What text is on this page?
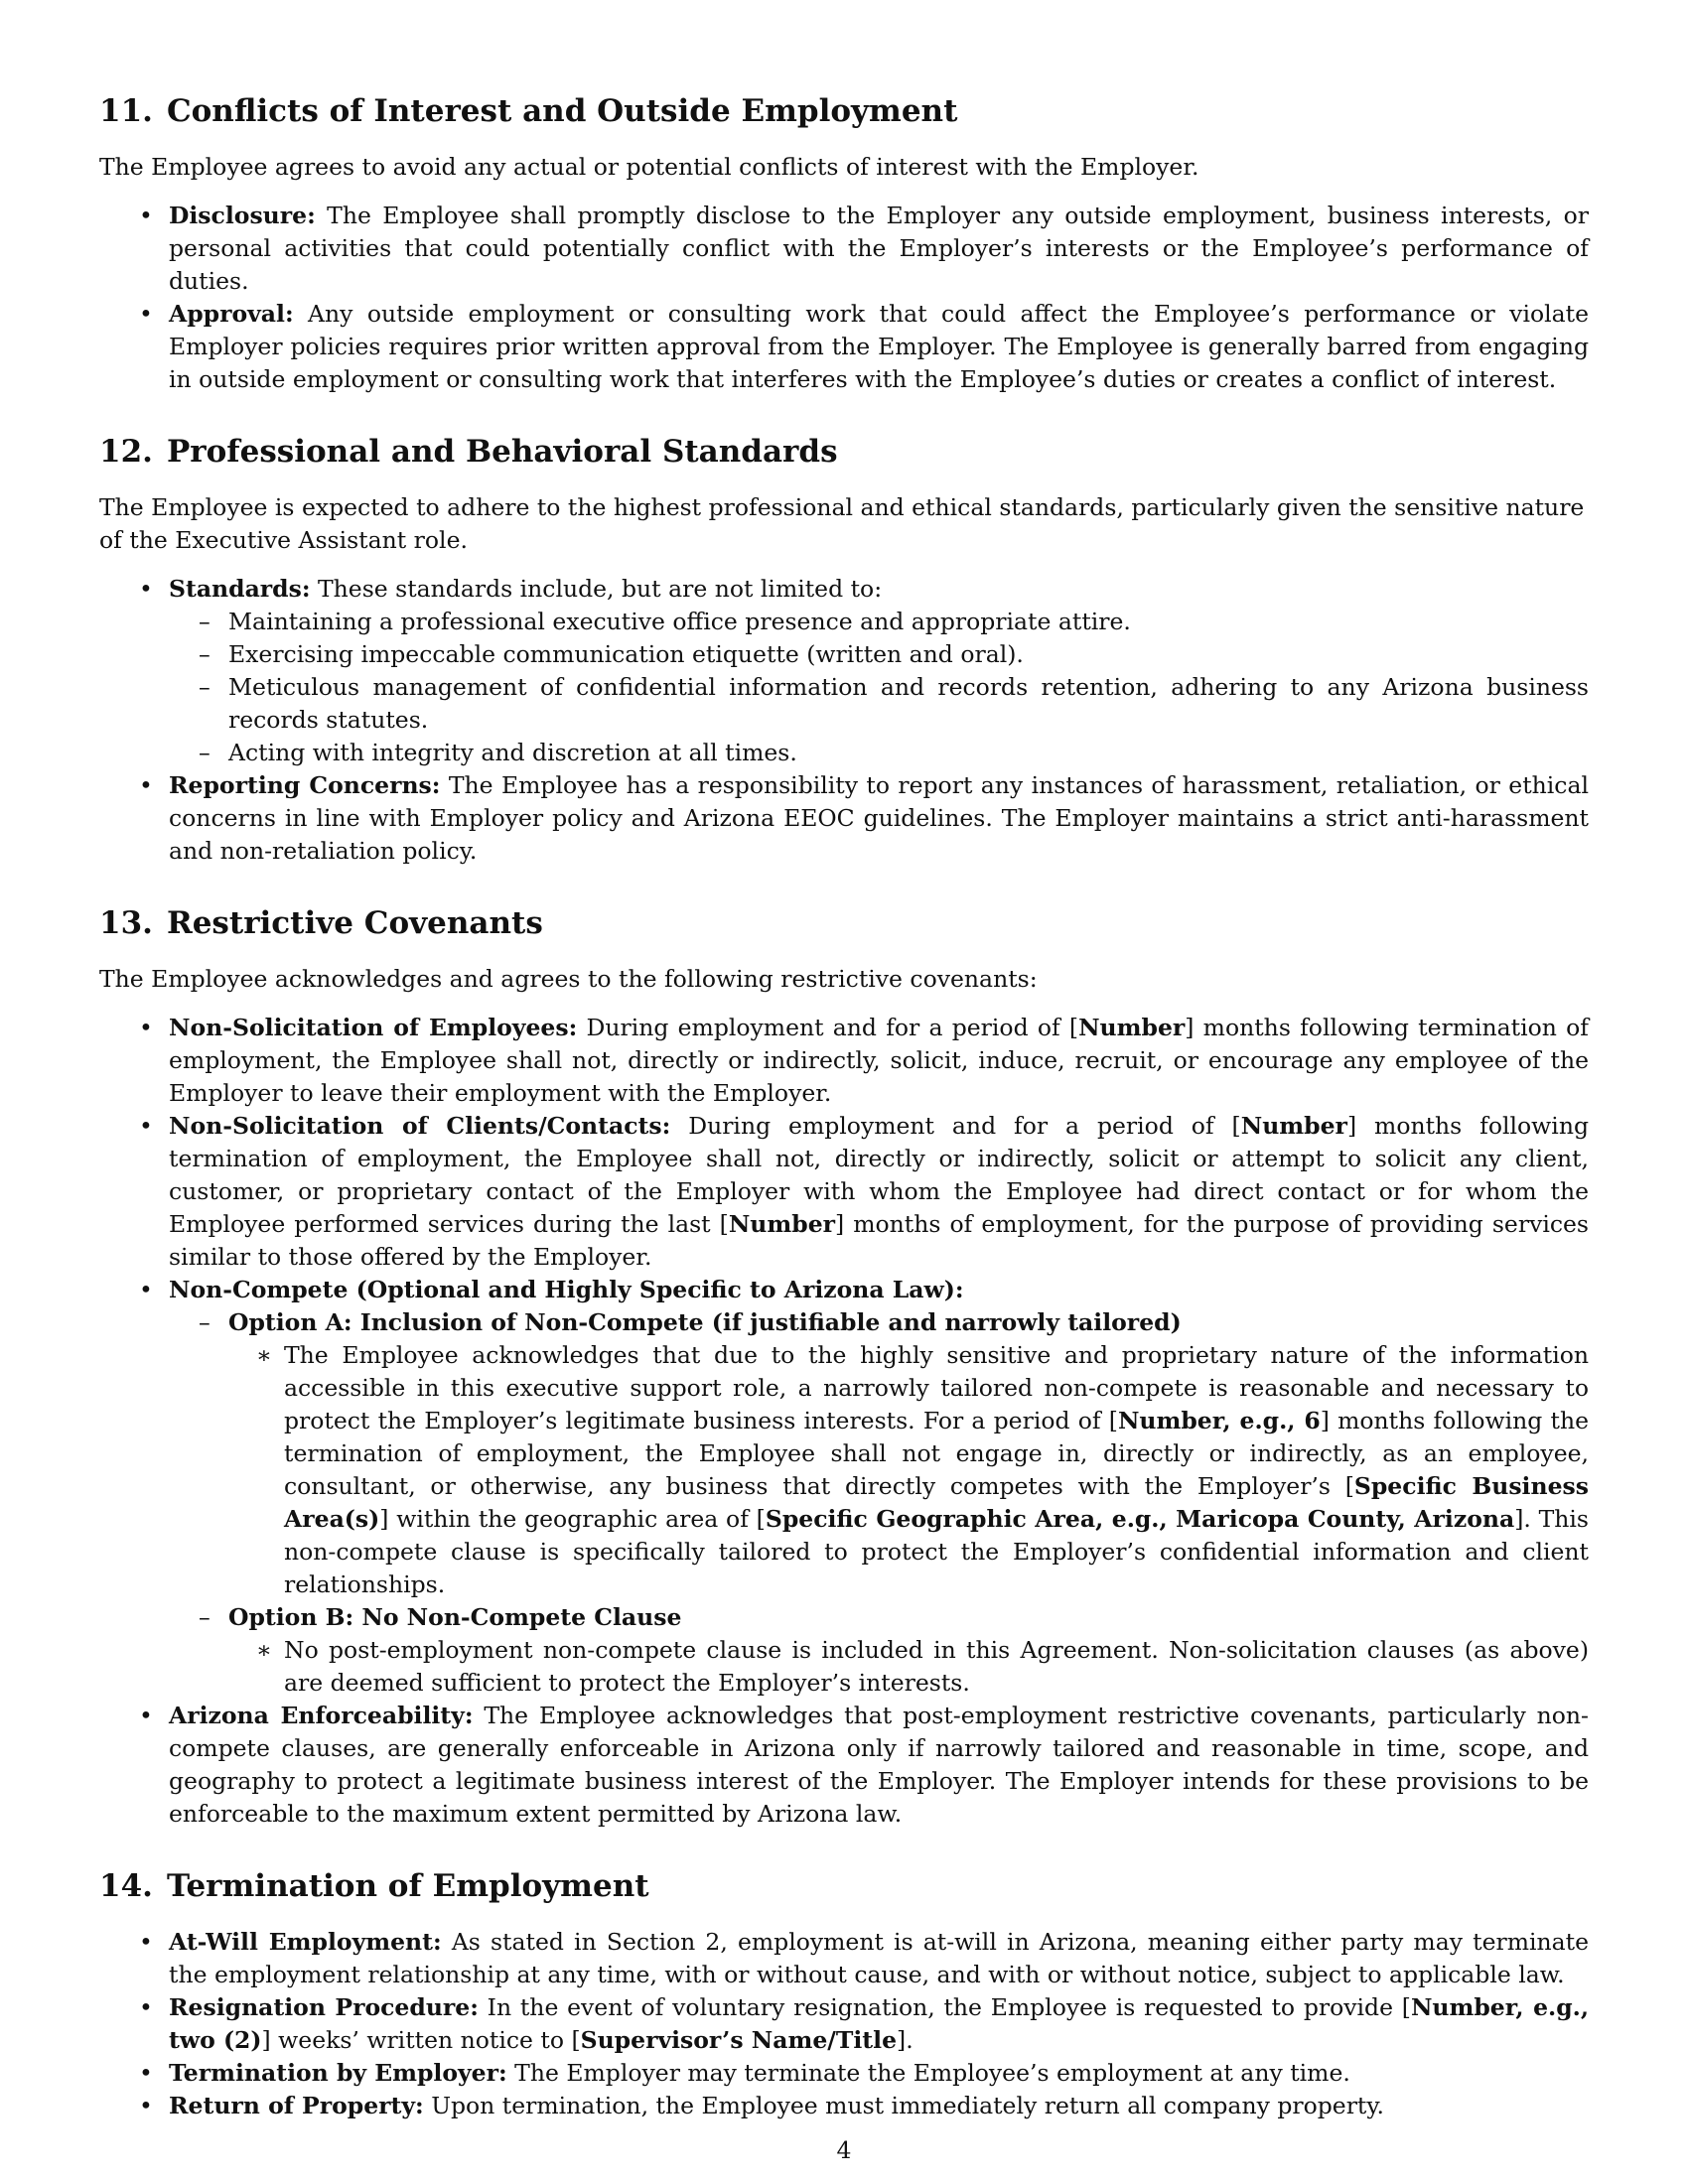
11. Conflicts of Interest and Outside Employment

The Employee agrees to avoid any actual or potential conflicts of interest with the Employer.

• Disclosure: The Employee shall promptly disclose to the Employer any outside employment, business interests, or personal activities that could potentially conflict with the Employer’s interests or the Employee’s performance of duties.
• Approval: Any outside employment or consulting work that could affect the Employee’s performance or violate Employer policies requires prior written approval from the Employer. The Employee is generally barred from engaging in outside employment or consulting work that interferes with the Employee’s duties or creates a conflict of interest.
12. Professional and Behavioral Standards

The Employee is expected to adhere to the highest professional and ethical standards, particularly given the sensitive nature of the Executive Assistant role.

• Standards: These standards include, but are not limited to:
– Maintaining a professional executive office presence and appropriate attire.
– Exercising impeccable communication etiquette (written and oral).
– Meticulous management of confidential information and records retention, adhering to any Arizona business records statutes.
– Acting with integrity and discretion at all times.
• Reporting Concerns: The Employee has a responsibility to report any instances of harassment, retaliation, or ethical concerns in line with Employer policy and Arizona EEOC guidelines. The Employer maintains a strict anti-harassment and non-retaliation policy.
13. Restrictive Covenants

The Employee acknowledges and agrees to the following restrictive covenants:

• Non-Solicitation of Employees: During employment and for a period of [Number] months following termination of employment, the Employee shall not, directly or indirectly, solicit, induce, recruit, or encourage any employee of the Employer to leave their employment with the Employer.
• Non-Solicitation of Clients/Contacts: During employment and for a period of [Number] months following termination of employment, the Employee shall not, directly or indirectly, solicit or attempt to solicit any client, customer, or proprietary contact of the Employer with whom the Employee had direct contact or for whom the Employee performed services during the last [Number] months of employment, for the purpose of providing services similar to those offered by the Employer.
• Non-Compete (Optional and Highly Specific to Arizona Law):
– Option A: Inclusion of Non-Compete (if justifiable and narrowly tailored)
∗ The Employee acknowledges that due to the highly sensitive and proprietary nature of the information accessible in this executive support role, a narrowly tailored non-compete is reasonable and necessary to protect the Employer’s legitimate business interests. For a period of [Number, e.g., 6] months following the termination of employment, the Employee shall not engage in, directly or indirectly, as an employee, consultant, or otherwise, any business that directly competes with the Employer’s [Specific Business Area(s)] within the geographic area of [Specific Geographic Area, e.g., Maricopa County, Arizona]. This non-compete clause is specifically tailored to protect the Employer’s confidential information and client relationships.
– Option B: No Non-Compete Clause
∗ No post-employment non-compete clause is included in this Agreement. Non-solicitation clauses (as above) are deemed sufficient to protect the Employer’s interests.
• Arizona Enforceability: The Employee acknowledges that post-employment restrictive covenants, particularly non-compete clauses, are generally enforceable in Arizona only if narrowly tailored and reasonable in time, scope, and geography to protect a legitimate business interest of the Employer. The Employer intends for these provisions to be enforceable to the maximum extent permitted by Arizona law.
14. Termination of Employment
• At-Will Employment: As stated in Section 2, employment is at-will in Arizona, meaning either party may terminate the employment relationship at any time, with or without cause, and with or without notice, subject to applicable law.
• Resignation Procedure: In the event of voluntary resignation, the Employee is requested to provide [Number, e.g., two (2)] weeks’ written notice to [Supervisor’s Name/Title].
• Termination by Employer: The Employer may terminate the Employee’s employment at any time.
• Return of Property: Upon termination, the Employee must immediately return all company property.
4
